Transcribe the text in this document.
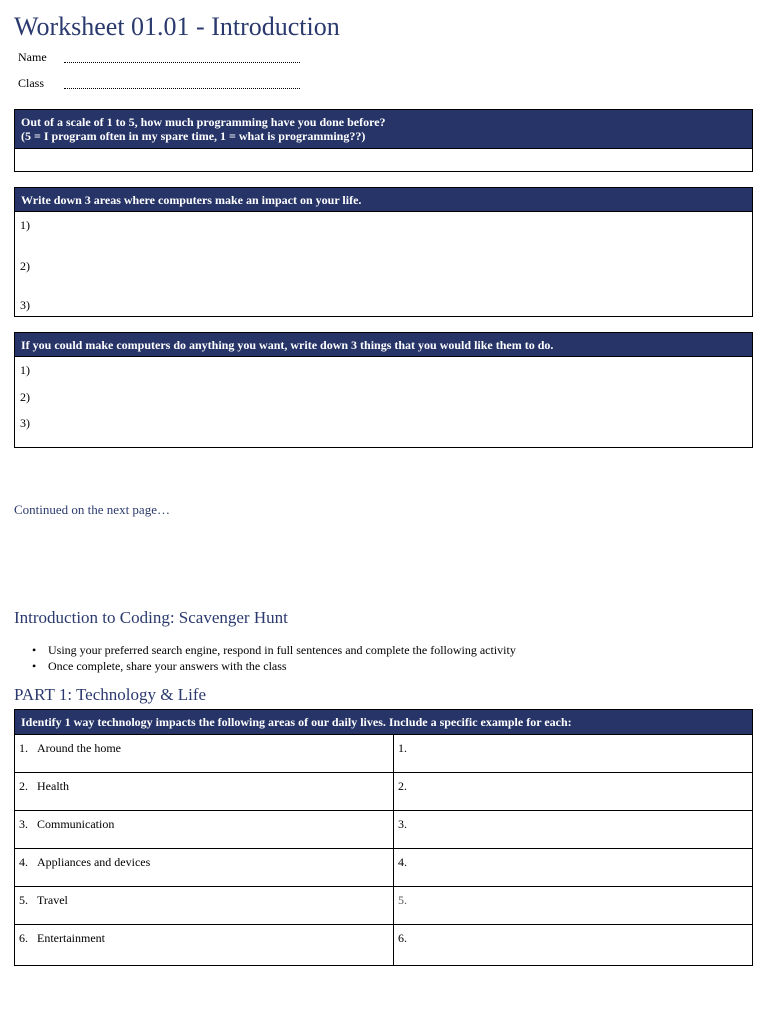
Worksheet 01.01 - Introduction
Name
Class
Out of a scale of 1 to 5, how much programming have you done before?
(5 = I program often in my spare time, 1 = what is programming??)
Write down 3 areas where computers make an impact on your life.
1)
2)
3)
If you could make computers do anything you want, write down 3 things that you would like them to do.
1)
2)
3)
Continued on the next page…
Introduction to Coding: Scavenger Hunt
• Using your preferred search engine, respond in full sentences and complete the following activity
• Once complete, share your answers with the class
PART 1: Technology & Life
Identify 1 way technology impacts the following areas of our daily lives. Include a specific example for each:
1. Around the home	1.
2. Health	2.
3. Communication	3.
4. Appliances and devices	4.
5. Travel	5.
6. Entertainment	6.
